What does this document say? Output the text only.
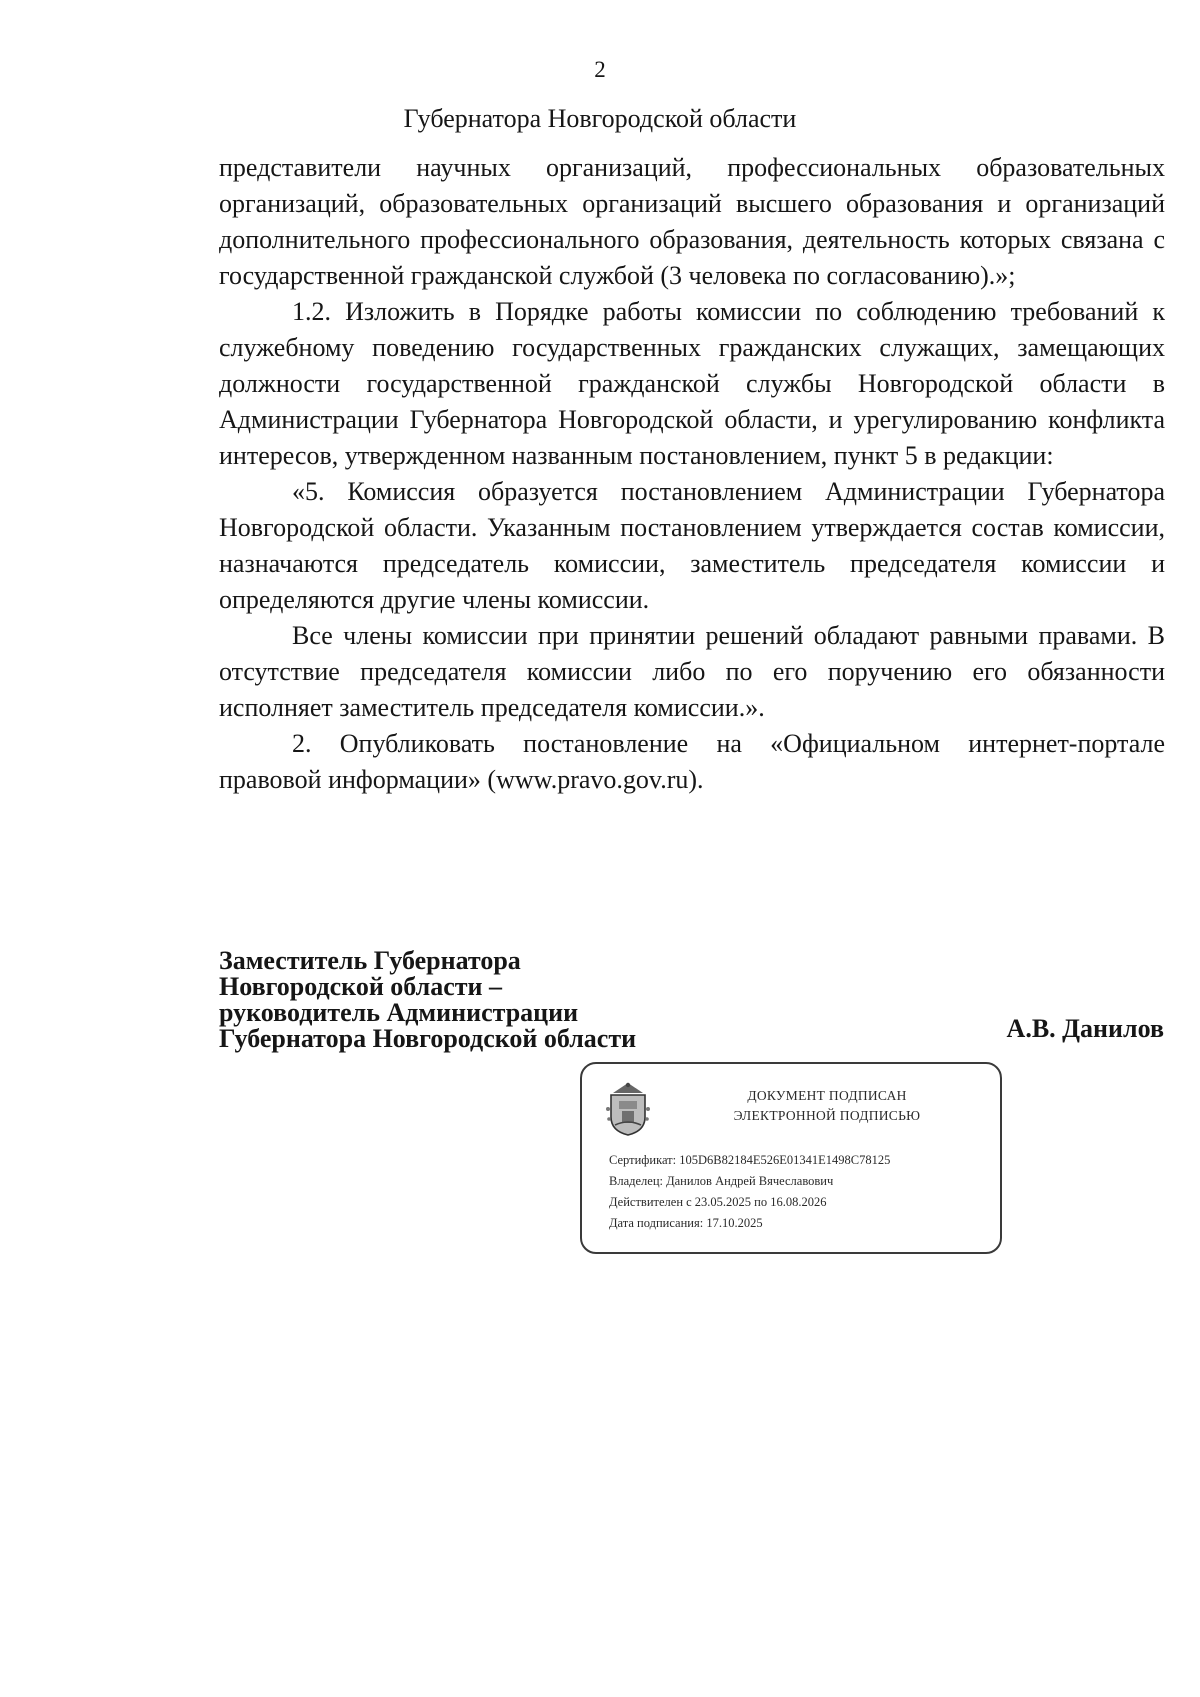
2
Губернатора Новгородской области

представители научных организаций, профессиональных образовательных организаций, образовательных организаций высшего образования и организаций дополнительного профессионального образования, деятельность которых связана с государственной гражданской службой (3 человека по согласованию).»;

1.2. Изложить в Порядке работы комиссии по соблюдению требований к служебному поведению государственных гражданских служащих, замещающих должности государственной гражданской службы Новгородской области в Администрации Губернатора Новгородской области, и урегулированию конфликта интересов, утвержденном названным постановлением, пункт 5 в редакции:

«5. Комиссия образуется постановлением Администрации Губернатора Новгородской области. Указанным постановлением утверждается состав комиссии, назначаются председатель комиссии, заместитель председателя комиссии и определяются другие члены комиссии.

Все члены комиссии при принятии решений обладают равными правами. В отсутствие председателя комиссии либо по его поручению его обязанности исполняет заместитель председателя комиссии.».

2. Опубликовать постановление на «Официальном интернет-портале правовой информации» (www.pravo.gov.ru).

Заместитель Губернатора
Новгородской области –
руководитель Администрации
Губернатора Новгородской области	А.В. Данилов
ДОКУМЕНТ ПОДПИСАН
ЭЛЕКТРОННОЙ ПОДПИСЬЮ
Сертификат: 105D6B82184E526E01341E1498C78125
Владелец: Данилов Андрей Вячеславович
Действителен с 23.05.2025 по 16.08.2026
Дата подписания: 17.10.2025
